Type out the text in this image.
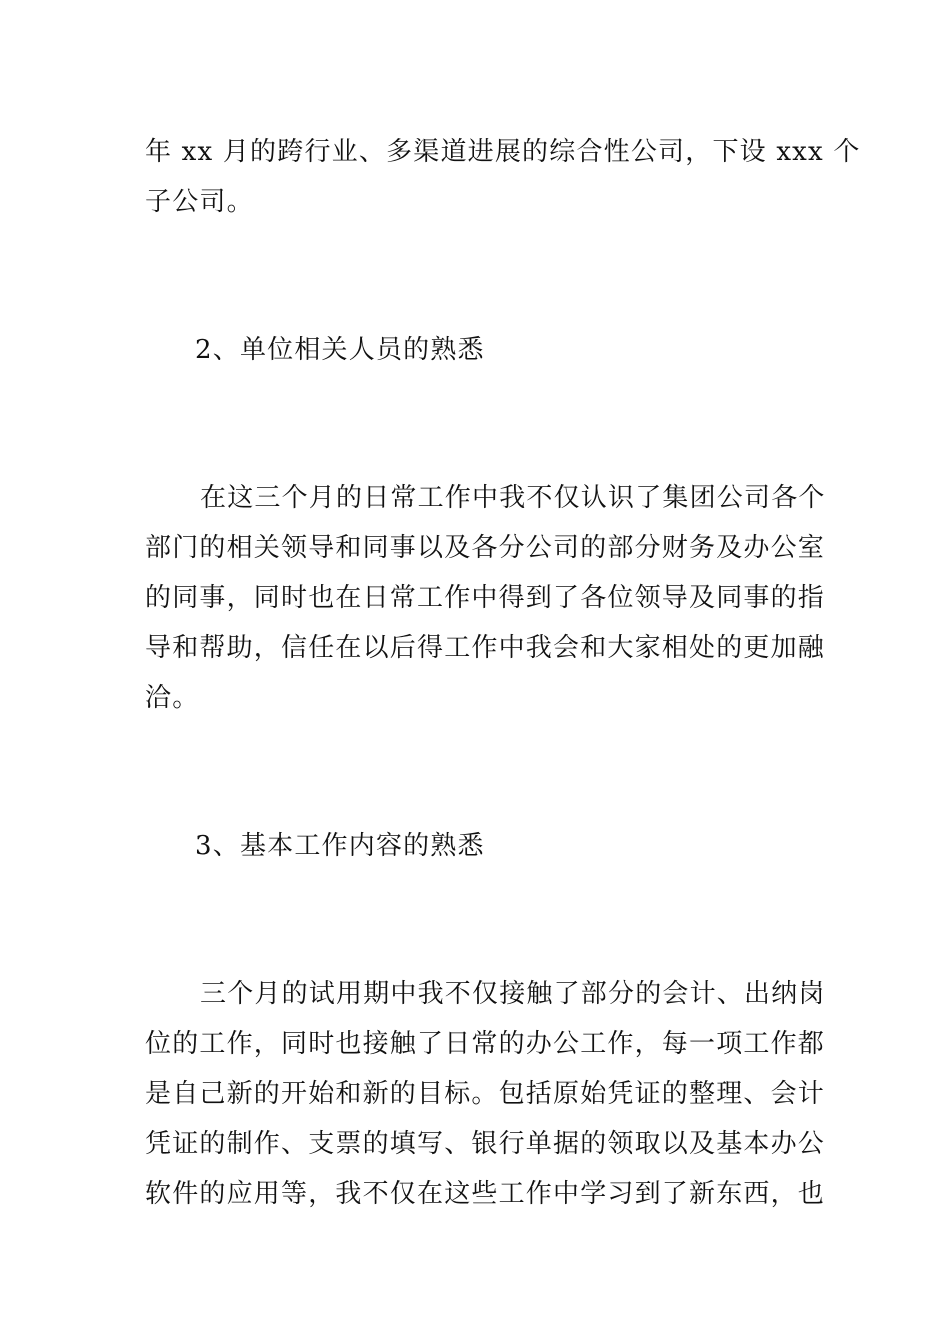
年 xx 月的跨行业、多渠道进展的综合性公司，下设 xxx 个
子公司。
2、单位相关人员的熟悉
在这三个月的日常工作中我不仅认识了集团公司各个
部门的相关领导和同事以及各分公司的部分财务及办公室
的同事，同时也在日常工作中得到了各位领导及同事的指
导和帮助，信任在以后得工作中我会和大家相处的更加融
洽。
3、基本工作内容的熟悉
三个月的试用期中我不仅接触了部分的会计、出纳岗
位的工作，同时也接触了日常的办公工作，每一项工作都
是自己新的开始和新的目标。包括原始凭证的整理、会计
凭证的制作、支票的填写、银行单据的领取以及基本办公
软件的应用等，我不仅在这些工作中学习到了新东西，也
